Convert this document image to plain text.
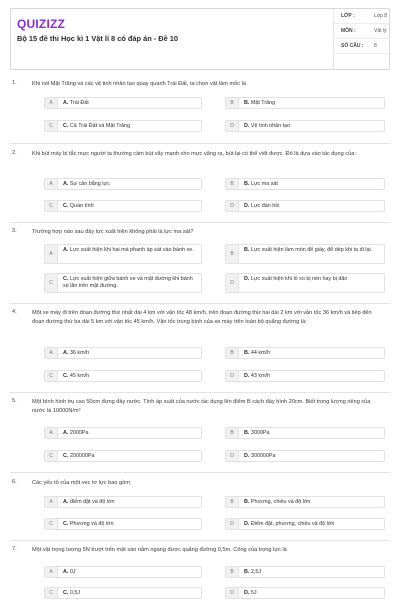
QUIZIZZ
Bộ 15 đề thi Học kì 1 Vật lí 8 có đáp án - Đề 10
LỚP :	Lớp 8
MÔN :	Vật lý
SỐ CÂU : 8
1.	Khi nói Mặt Trăng và các vệ tinh nhân tạo quay quanh Trái Đất, ta chọn vật làm mốc là
A	A. Trái Đất	B	B. Mặt Trăng
C	C. Cả Trái Đất và Mặt Trăng	D	D. Vệ tinh nhân tạo
2.	Khi bút máy bị tắc mực người ta thường cầm bút vẩy mạnh cho mực văng ra, bút lại có thể viết được. Đó là dựa vào tác dụng của:
A	A. Sự cân bằng lực	B	B. Lực ma sát
C	C. Quán tính	D	D. Lực đàn hồi
3.	Trường hợp nào sau đây lực xuất hiện không phải là lực ma sát?
A
A. Lực xuất hiện khi hai má phanh áp sát vào bánh xe.
B
B. Lực xuất hiện làm mòn đế giày, để dép khi ta đi lại.
C
C. Lực xuất hiện giữa bánh xe và mặt đường khi bánh xe lăn trên mặt đường.	D
D. Lực xuất hiện khi lò xo bị nén hay bị dãn
4.	Một xe máy đi trên đoạn đường thứ nhất dài 4 km với vận tốc 48 km/h, trên đoạn đường thứ hai dài 2 km với vận tốc 36 km/h và tiếp đến đoạn đường thứ ba dài 5 km với vận tốc 45 km/h. Vận tốc trung bình của xe máy trên toàn bộ quãng đường là:
A	A. 36 km/h	B	B. 44 km/h
C	C. 45 km/h	D	D. 43 km/h
5.	Một bình hình trụ cao 50cm đựng đầy nước. Tính áp suất của nước tác dụng lên điểm B cách đáy bình 20cm. Biết trọng lượng riêng của nước là 10000N/m³
A	A. 2000Pa	B	B. 3000Pa
C	C. 200000Pa	D	D. 300000Pa
6.	Các yếu tố của một vec tơ lực bao gồm
A	A. điểm đặt và độ lớn	B	B. Phương, chiều và độ lớn
C	C. Phương và độ lớn	D	D. Điểm đặt, phương, chiều và độ lớn
7.	Một vật trọng lượng 5N trượt trên mặt sàn nằm ngang được quãng đường 0,5m. Công của trọng lực là
A	A. 0J	B	B. 2,5J
C	C. 0,5J	D	D. 5J
